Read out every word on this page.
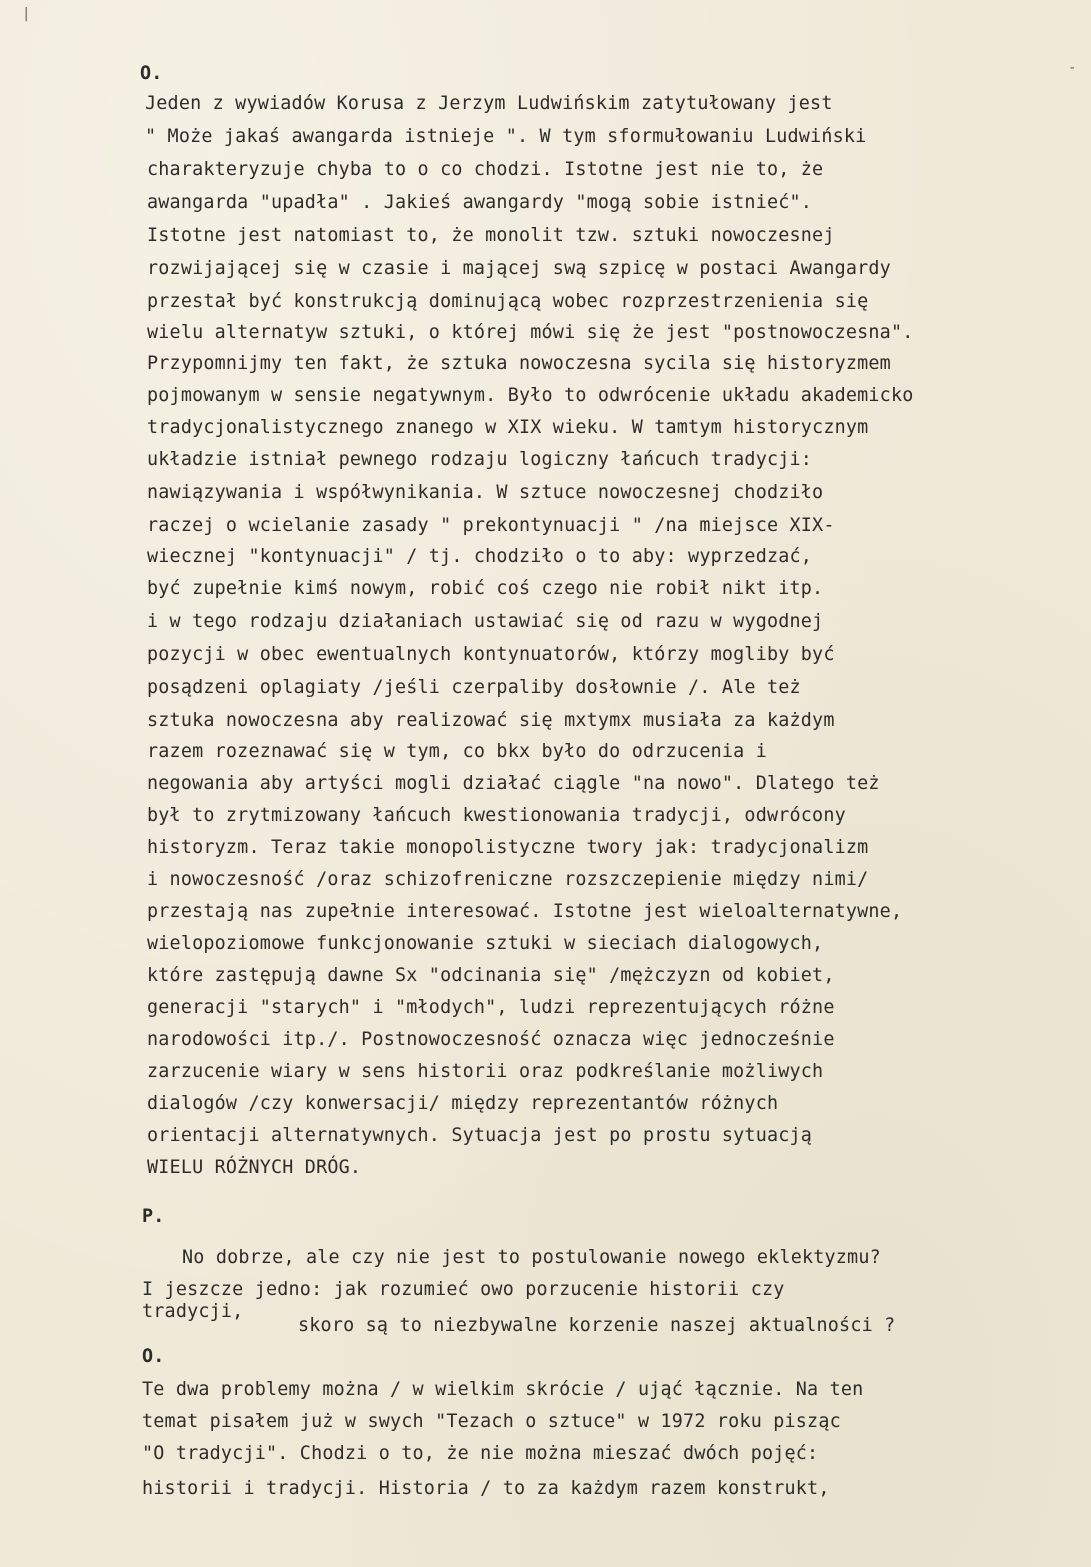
|
-
O.
Jeden z wywiadów Korusa z Jerzym Ludwińskim zatytułowany jest
" Może jakaś awangarda istnieje ". W tym sformułowaniu Ludwiński
charakteryzuje chyba to o co chodzi. Istotne jest nie to, że
awangarda "upadła" . Jakieś awangardy "mogą sobie istnieć".
Istotne jest natomiast to, że monolit tzw. sztuki nowoczesnej
rozwijającej się w czasie i mającej swą szpicę w postaci Awangardy
przestał być konstrukcją dominującą wobec rozprzestrzenienia się
wielu alternatyw sztuki, o której mówi się że jest "postnowoczesna".
Przypomnijmy ten fakt, że sztuka nowoczesna sycila się historyzmem
pojmowanym w sensie negatywnym. Było to odwrócenie układu akademicko
tradycjonalistycznego znanego w XIX wieku. W tamtym historycznym
układzie istniał pewnego rodzaju logiczny łańcuch tradycji:
nawiązywania i współwynikania. W sztuce nowoczesnej chodziło
raczej o wcielanie zasady " prekontynuacji " /na miejsce XIX-
wiecznej "kontynuacji" / tj. chodziło o to aby: wyprzedzać,
być zupełnie kimś nowym, robić coś czego nie robił nikt itp.
i w tego rodzaju działaniach ustawiać się od razu w wygodnej
pozycji w obec ewentualnych kontynuatorów, którzy mogliby być
posądzeni oplagiaty /jeśli czerpaliby dosłownie /. Ale też
sztuka nowoczesna aby realizować się mxtymx musiała za każdym
razem rozeznawać się w tym, co bkx było do odrzucenia i
negowania aby artyści mogli działać ciągle "na nowo". Dlatego też
był to zrytmizowany łańcuch kwestionowania tradycji, odwrócony
historyzm. Teraz takie monopolistyczne twory jak: tradycjonalizm
i nowoczesność /oraz schizofreniczne rozszczepienie między nimi/
przestają nas zupełnie interesować. Istotne jest wieloalternatywne,
wielopoziomowe funkcjonowanie sztuki w sieciach dialogowych,
które zastępują dawne Sx "odcinania się" /mężczyzn od kobiet,
generacji "starych" i "młodych", ludzi reprezentujących różne
narodowości itp./. Postnowoczesność oznacza więc jednocześnie
zarzucenie wiary w sens historii oraz podkreślanie możliwych
dialogów /czy konwersacji/ między reprezentantów różnych
orientacji alternatywnych. Sytuacja jest po prostu sytuacją
WIELU RÓŻNYCH DRÓG.
P.
No dobrze, ale czy nie jest to postulowanie nowego eklektyzmu?
I jeszcze jedno: jak rozumieć owo porzucenie historii czy
tradycji,
skoro są to niezbywalne korzenie naszej aktualności ?
O.
Te dwa problemy można / w wielkim skrócie / ująć łącznie. Na ten
temat pisałem już w swych "Tezach o sztuce" w 1972 roku pisząc
"O tradycji". Chodzi o to, że nie można mieszać dwóch pojęć:
historii i tradycji. Historia / to za każdym razem konstrukt,
